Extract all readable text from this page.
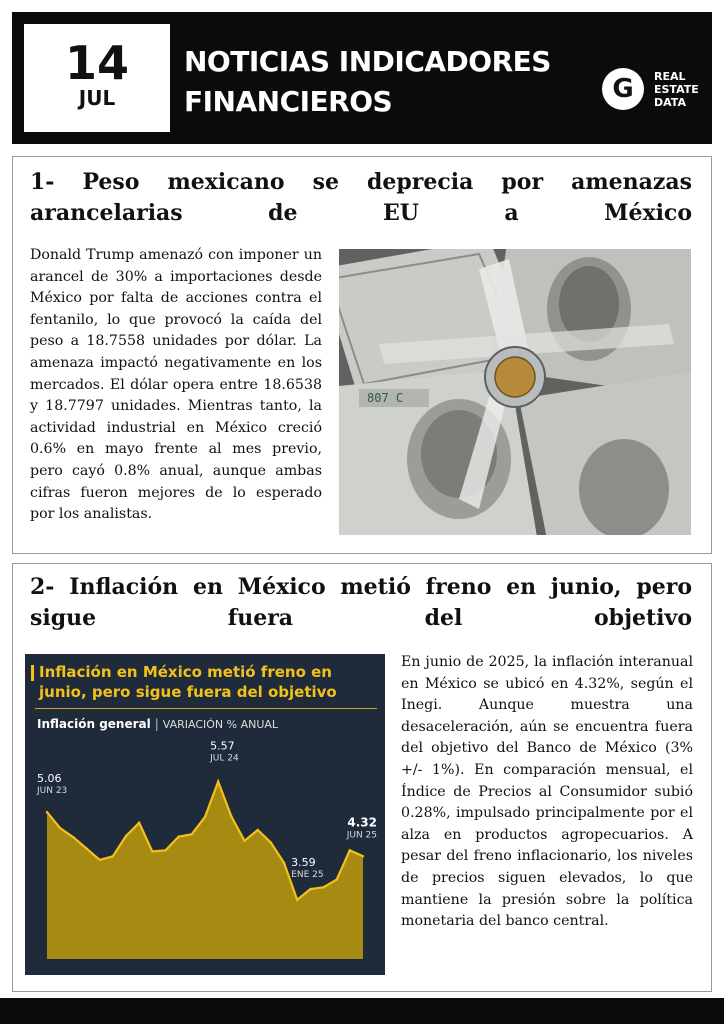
14
JUL
NOTICIAS INDICADORES
FINANCIEROS	G	REAL
ESTATE
DATA
1- Peso mexicano se deprecia por amenazas arancelarias de EU a México
Donald Trump amenazó con imponer un arancel de 30% a importaciones desde México por falta de acciones contra el fentanilo, lo que provocó la caída del peso a 18.7558 unidades por dólar. La amenaza impactó negativamente en los mercados. El dólar opera entre 18.6538 y 18.7797 unidades. Mientras tanto, la actividad industrial en México creció 0.6% en mayo frente al mes previo, pero cayó 0.8% anual, aunque ambas cifras fueron mejores de lo esperado por los analistas.
807 C
2- Inflación en México metió freno en junio, pero sigue fuera del objetivo
En junio de 2025, la inflación interanual en México se ubicó en 4.32%, según el Inegi. Aunque muestra una desaceleración, aún se encuentra fuera del objetivo del Banco de México (3% +/- 1%). En comparación mensual, el Índice de Precios al Consumidor subió 0.28%, impulsado principalmente por el alza en productos agropecuarios. A pesar del freno inflacionario, los niveles de precios siguen elevados, lo que mantiene la presión sobre la política monetaria del banco central.
Inflación en México metió freno en junio, pero sigue fuera del objetivo
Inflación general | VARIACIÓN % ANUAL
5.06
JUN 23
5.57
JUL 24
3.59
ENE 25
4.32
JUN 25
